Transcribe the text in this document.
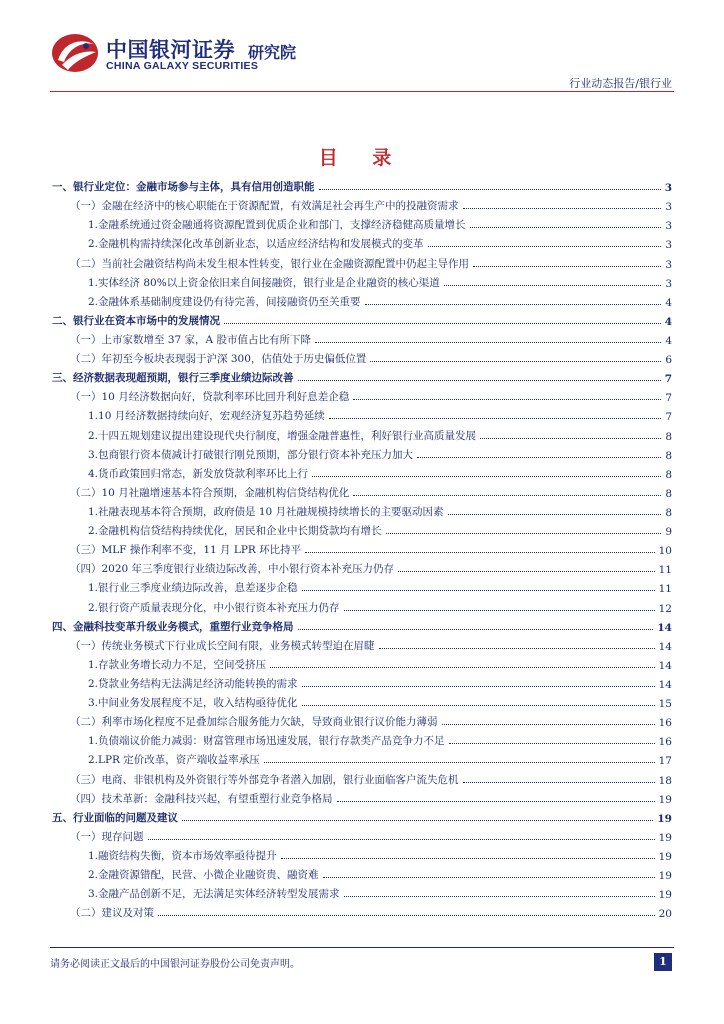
中国银河证券 研究院
CHINA GALAXY SECURITIES
行业动态报告/银行业
目 录
一、银行业定位：金融市场参与主体，具有信用创造职能	3
（一）金融在经济中的核心职能在于资源配置，有效满足社会再生产中的投融资需求	3
1.金融系统通过资金融通将资源配置到优质企业和部门，支撑经济稳健高质量增长	3
2.金融机构需持续深化改革创新业态，以适应经济结构和发展模式的变革	3
（二）当前社会融资结构尚未发生根本性转变，银行业在金融资源配置中仍起主导作用	3
1.实体经济 80%以上资金依旧来自间接融资，银行业是企业融资的核心渠道	3
2.金融体系基础制度建设仍有待完善，间接融资仍至关重要	4
二、银行业在资本市场中的发展情况	4
（一）上市家数增至 37 家，A 股市值占比有所下降	4
（二）年初至今板块表现弱于沪深 300，估值处于历史偏低位置	6
三、经济数据表现超预期，银行三季度业绩边际改善	7
（一）10 月经济数据向好，贷款利率环比回升利好息差企稳	7
1.10 月经济数据持续向好，宏观经济复苏趋势延续	7
2.十四五规划建议提出建设现代央行制度，增强金融普惠性，利好银行业高质量发展	8
3.包商银行资本债减计打破银行刚兑预期，部分银行资本补充压力加大	8
4.货币政策回归常态，新发放贷款利率环比上行	8
（二）10 月社融增速基本符合预期，金融机构信贷结构优化	8
1.社融表现基本符合预期，政府债是 10 月社融规模持续增长的主要驱动因素	8
2.金融机构信贷结构持续优化，居民和企业中长期贷款均有增长	9
（三）MLF 操作利率不变，11 月 LPR 环比持平	10
（四）2020 年三季度银行业绩边际改善，中小银行资本补充压力仍存	11
1.银行业三季度业绩边际改善，息差逐步企稳	11
2.银行资产质量表现分化，中小银行资本补充压力仍存	12
四、金融科技变革升级业务模式，重塑行业竞争格局	14
（一）传统业务模式下行业成长空间有限，业务模式转型迫在眉睫	14
1.存款业务增长动力不足，空间受挤压	14
2.贷款业务结构无法满足经济动能转换的需求	14
3.中间业务发展程度不足，收入结构亟待优化	15
（二）利率市场化程度不足叠加综合服务能力欠缺，导致商业银行议价能力薄弱	16
1.负债端议价能力减弱：财富管理市场迅速发展，银行存款类产品竞争力不足	16
2.LPR 定价改革，资产端收益率承压	17
（三）电商、非银机构及外资银行等外部竞争者潜入加剧，银行业面临客户流失危机	18
（四）技术革新：金融科技兴起，有望重塑行业竞争格局	19
五、行业面临的问题及建议	19
（一）现存问题	19
1.融资结构失衡，资本市场效率亟待提升	19
2.金融资源错配，民营、小微企业融资贵、融资难	19
3.金融产品创新不足，无法满足实体经济转型发展需求	19
（二）建议及对策	20
请务必阅读正文最后的中国银河证券股份公司免责声明。	1
